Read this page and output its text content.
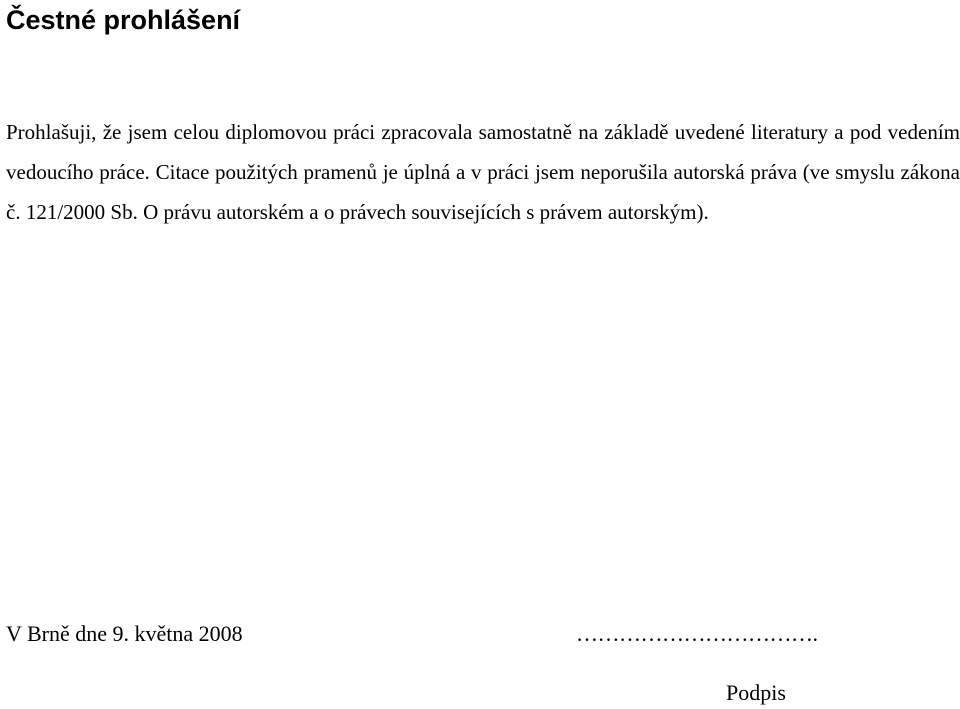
Čestné prohlášení

Prohlašuji, že jsem celou diplomovou práci zpracovala samostatně na základě uvedené literatury a pod vedením vedoucího práce. Citace použitých pramenů je úplná a v práci jsem neporušila autorská práva (ve smyslu zákona č. 121/2000 Sb. O právu autorském a o právech souvisejících s právem autorským).

V Brně dne 9. května 2008	…………………………….
Podpis
